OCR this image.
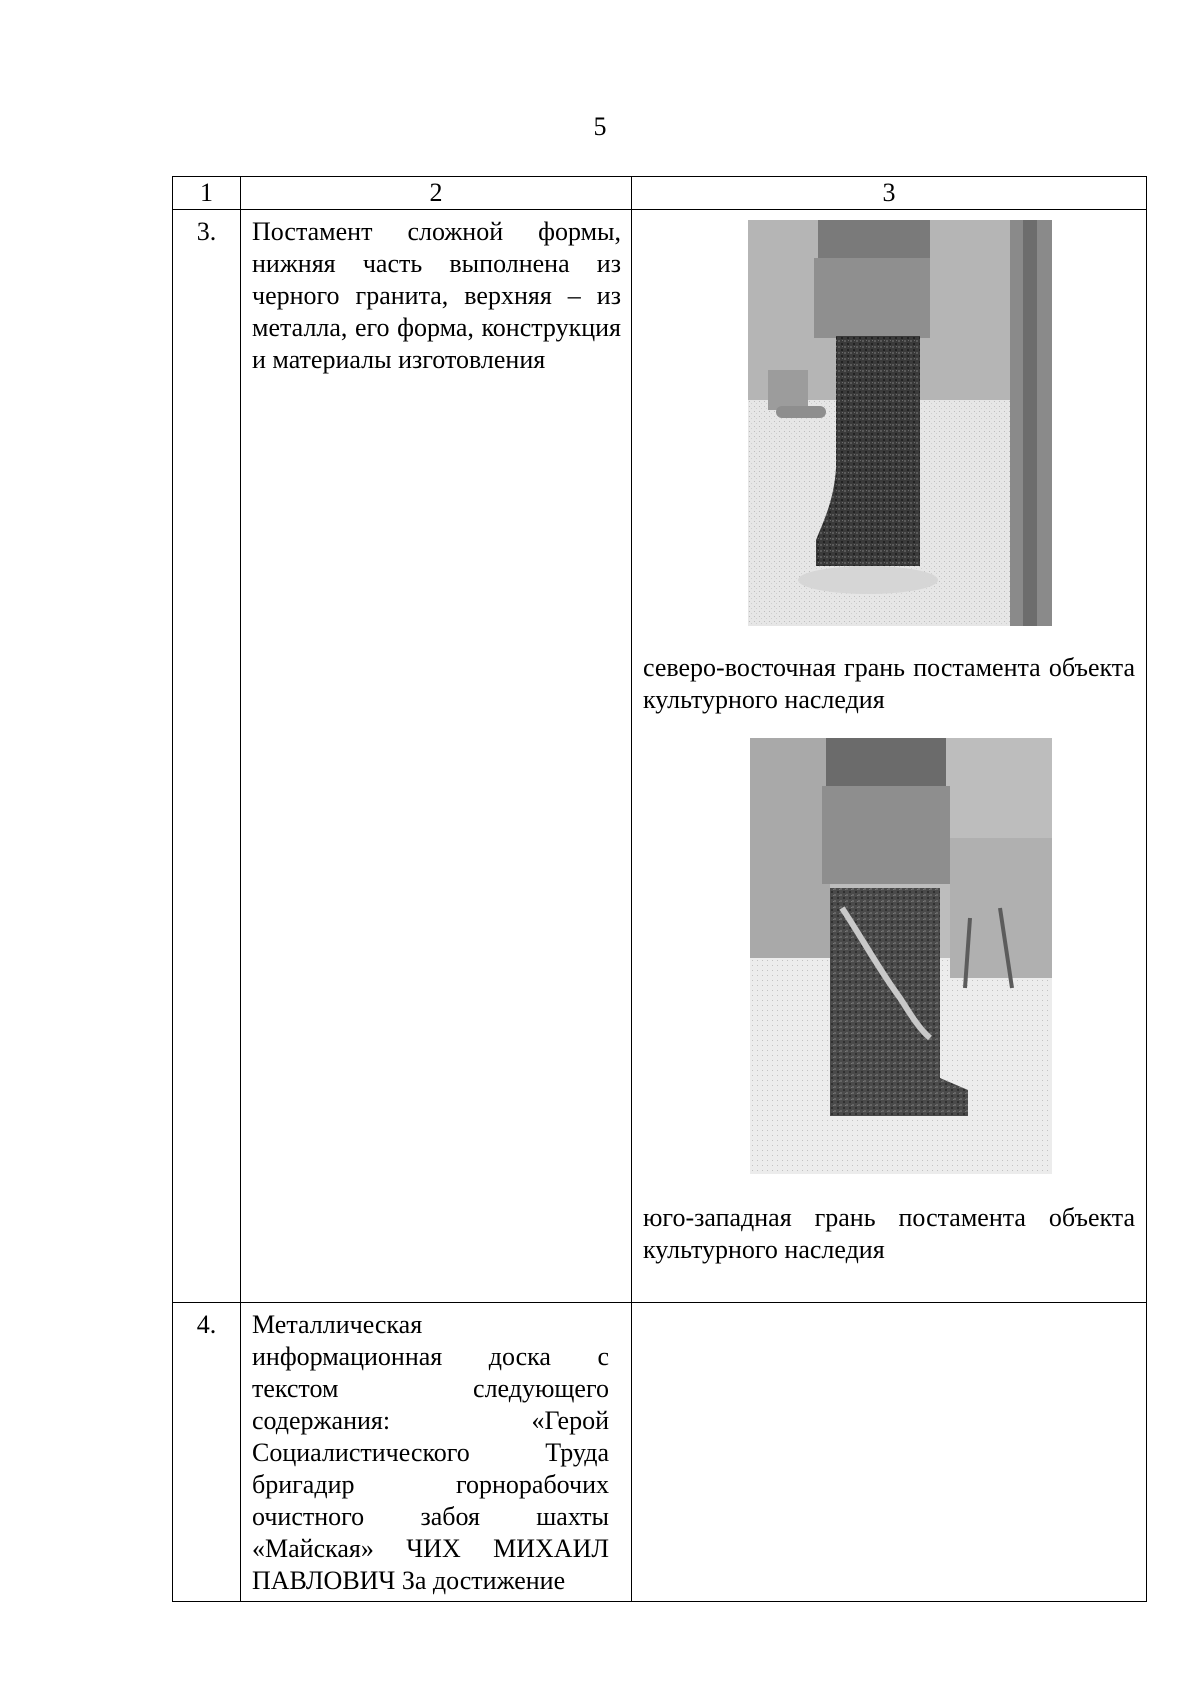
5
1	2	3
3.	Постамент сложной формы, нижняя часть выполнена из черного гранита, верхняя – из металла, его форма, конструкция и материалы изготовления	северо-восточная грань постамента объекта культурного наследия

юго-западная грань постамента объекта культурного наследия

4.	Металлическая информационная доска с текстом следующего содержания: «Герой Социалистического Труда бригадир горнорабочих очистного забоя шахты «Майская» ЧИХ МИХАИЛ ПАВЛОВИЧ За достижение	
